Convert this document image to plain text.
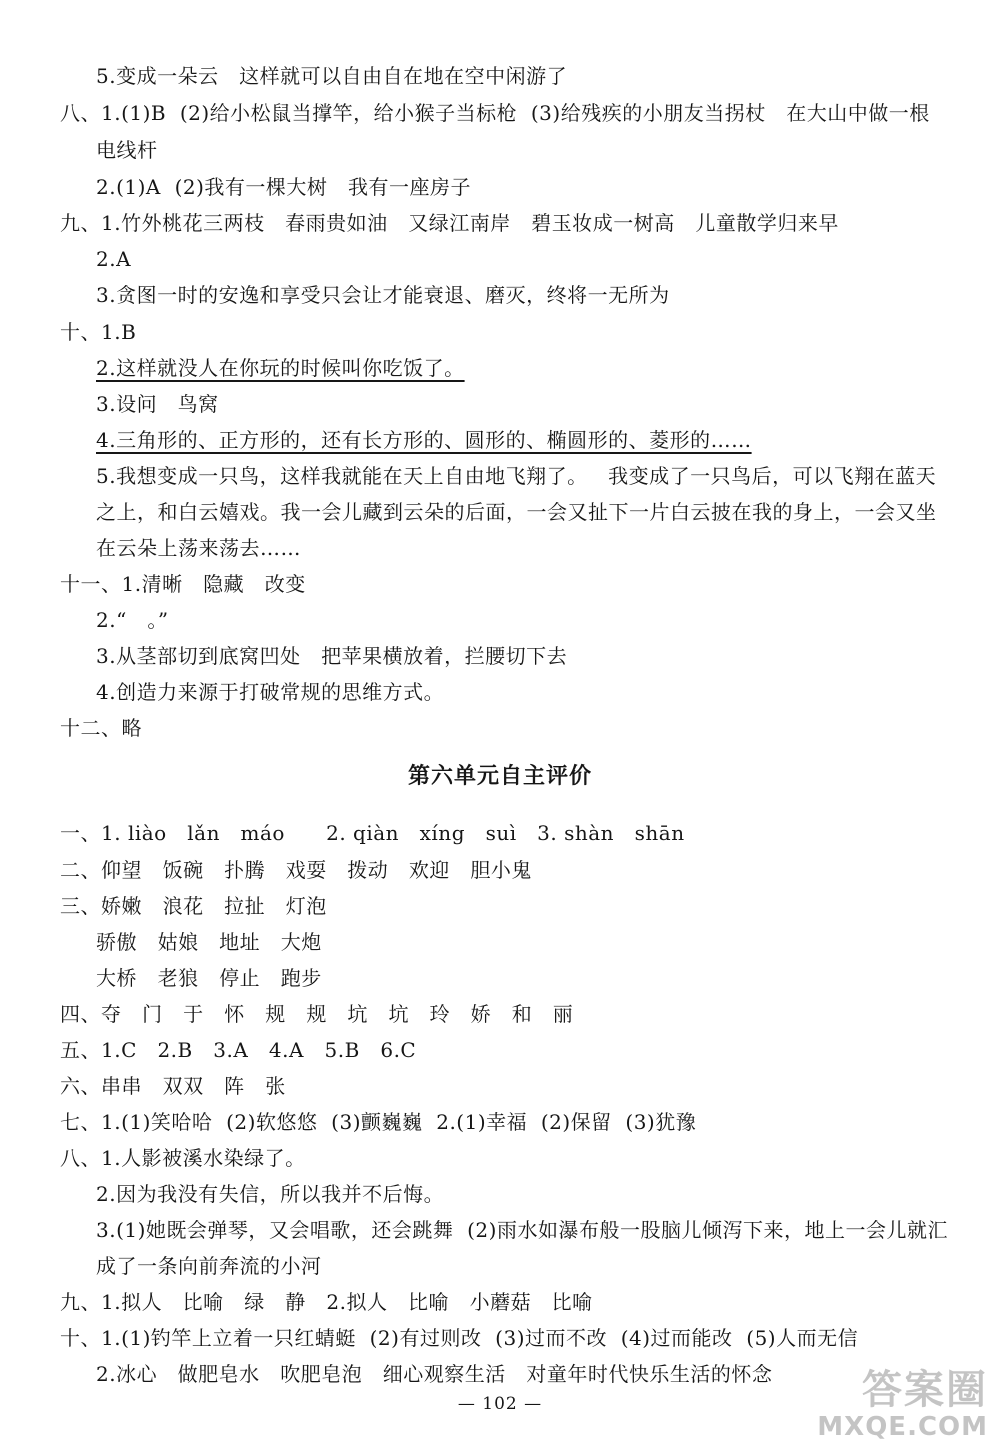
5.变成一朵云   这样就可以自由自在地在空中闲游了
八、1.(1)B  (2)给小松鼠当撑竿，给小猴子当标枪  (3)给残疾的小朋友当拐杖   在大山中做一根
电线杆
2.(1)A  (2)我有一棵大树   我有一座房子
九、1.竹外桃花三两枝   春雨贵如油   又绿江南岸   碧玉妆成一树高   儿童散学归来早
2.A
3.贪图一时的安逸和享受只会让才能衰退、磨灭，终将一无所为
十、1.B
2.这样就没人在你玩的时候叫你吃饭了。
3.设问   鸟窝
4.三角形的、正方形的，还有长方形的、圆形的、椭圆形的、菱形的……
5.我想变成一只鸟，这样我就能在天上自由地飞翔了。   我变成了一只鸟后，可以飞翔在蓝天
之上，和白云嬉戏。我一会儿藏到云朵的后面，一会又扯下一片白云披在我的身上，一会又坐
在云朵上荡来荡去……
十一、1.清晰   隐藏   改变
2.“   。”
3.从茎部切到底窝凹处   把苹果横放着，拦腰切下去
4.创造力来源于打破常规的思维方式。
十二、略
第六单元自主评价
一、1. liào   lǎn   máo      2. qiàn   xíng   suì   3. shàn   shān
二、仰望   饭碗   扑腾   戏耍   拨动   欢迎   胆小鬼
三、娇嫩   浪花   拉扯   灯泡
骄傲   姑娘   地址   大炮
大桥   老狼   停止   跑步
四、夺   门   于   怀   规   规   坑   坑   玲   娇   和   丽
五、1.C   2.B   3.A   4.A   5.B   6.C
六、串串   双双   阵   张
七、1.(1)笑哈哈  (2)软悠悠  (3)颤巍巍  2.(1)幸福  (2)保留  (3)犹豫
八、1.人影被溪水染绿了。
2.因为我没有失信，所以我并不后悔。
3.(1)她既会弹琴，又会唱歌，还会跳舞  (2)雨水如瀑布般一股脑儿倾泻下来，地上一会儿就汇
成了一条向前奔流的小河
九、1.拟人   比喻   绿   静   2.拟人   比喻   小蘑菇   比喻
十、1.(1)钓竿上立着一只红蜻蜓  (2)有过则改  (3)过而不改  (4)过而能改  (5)人而无信
2.冰心   做肥皂水   吹肥皂泡   细心观察生活   对童年时代快乐生活的怀念
— 102 —	答案圈
MXQE.COM
